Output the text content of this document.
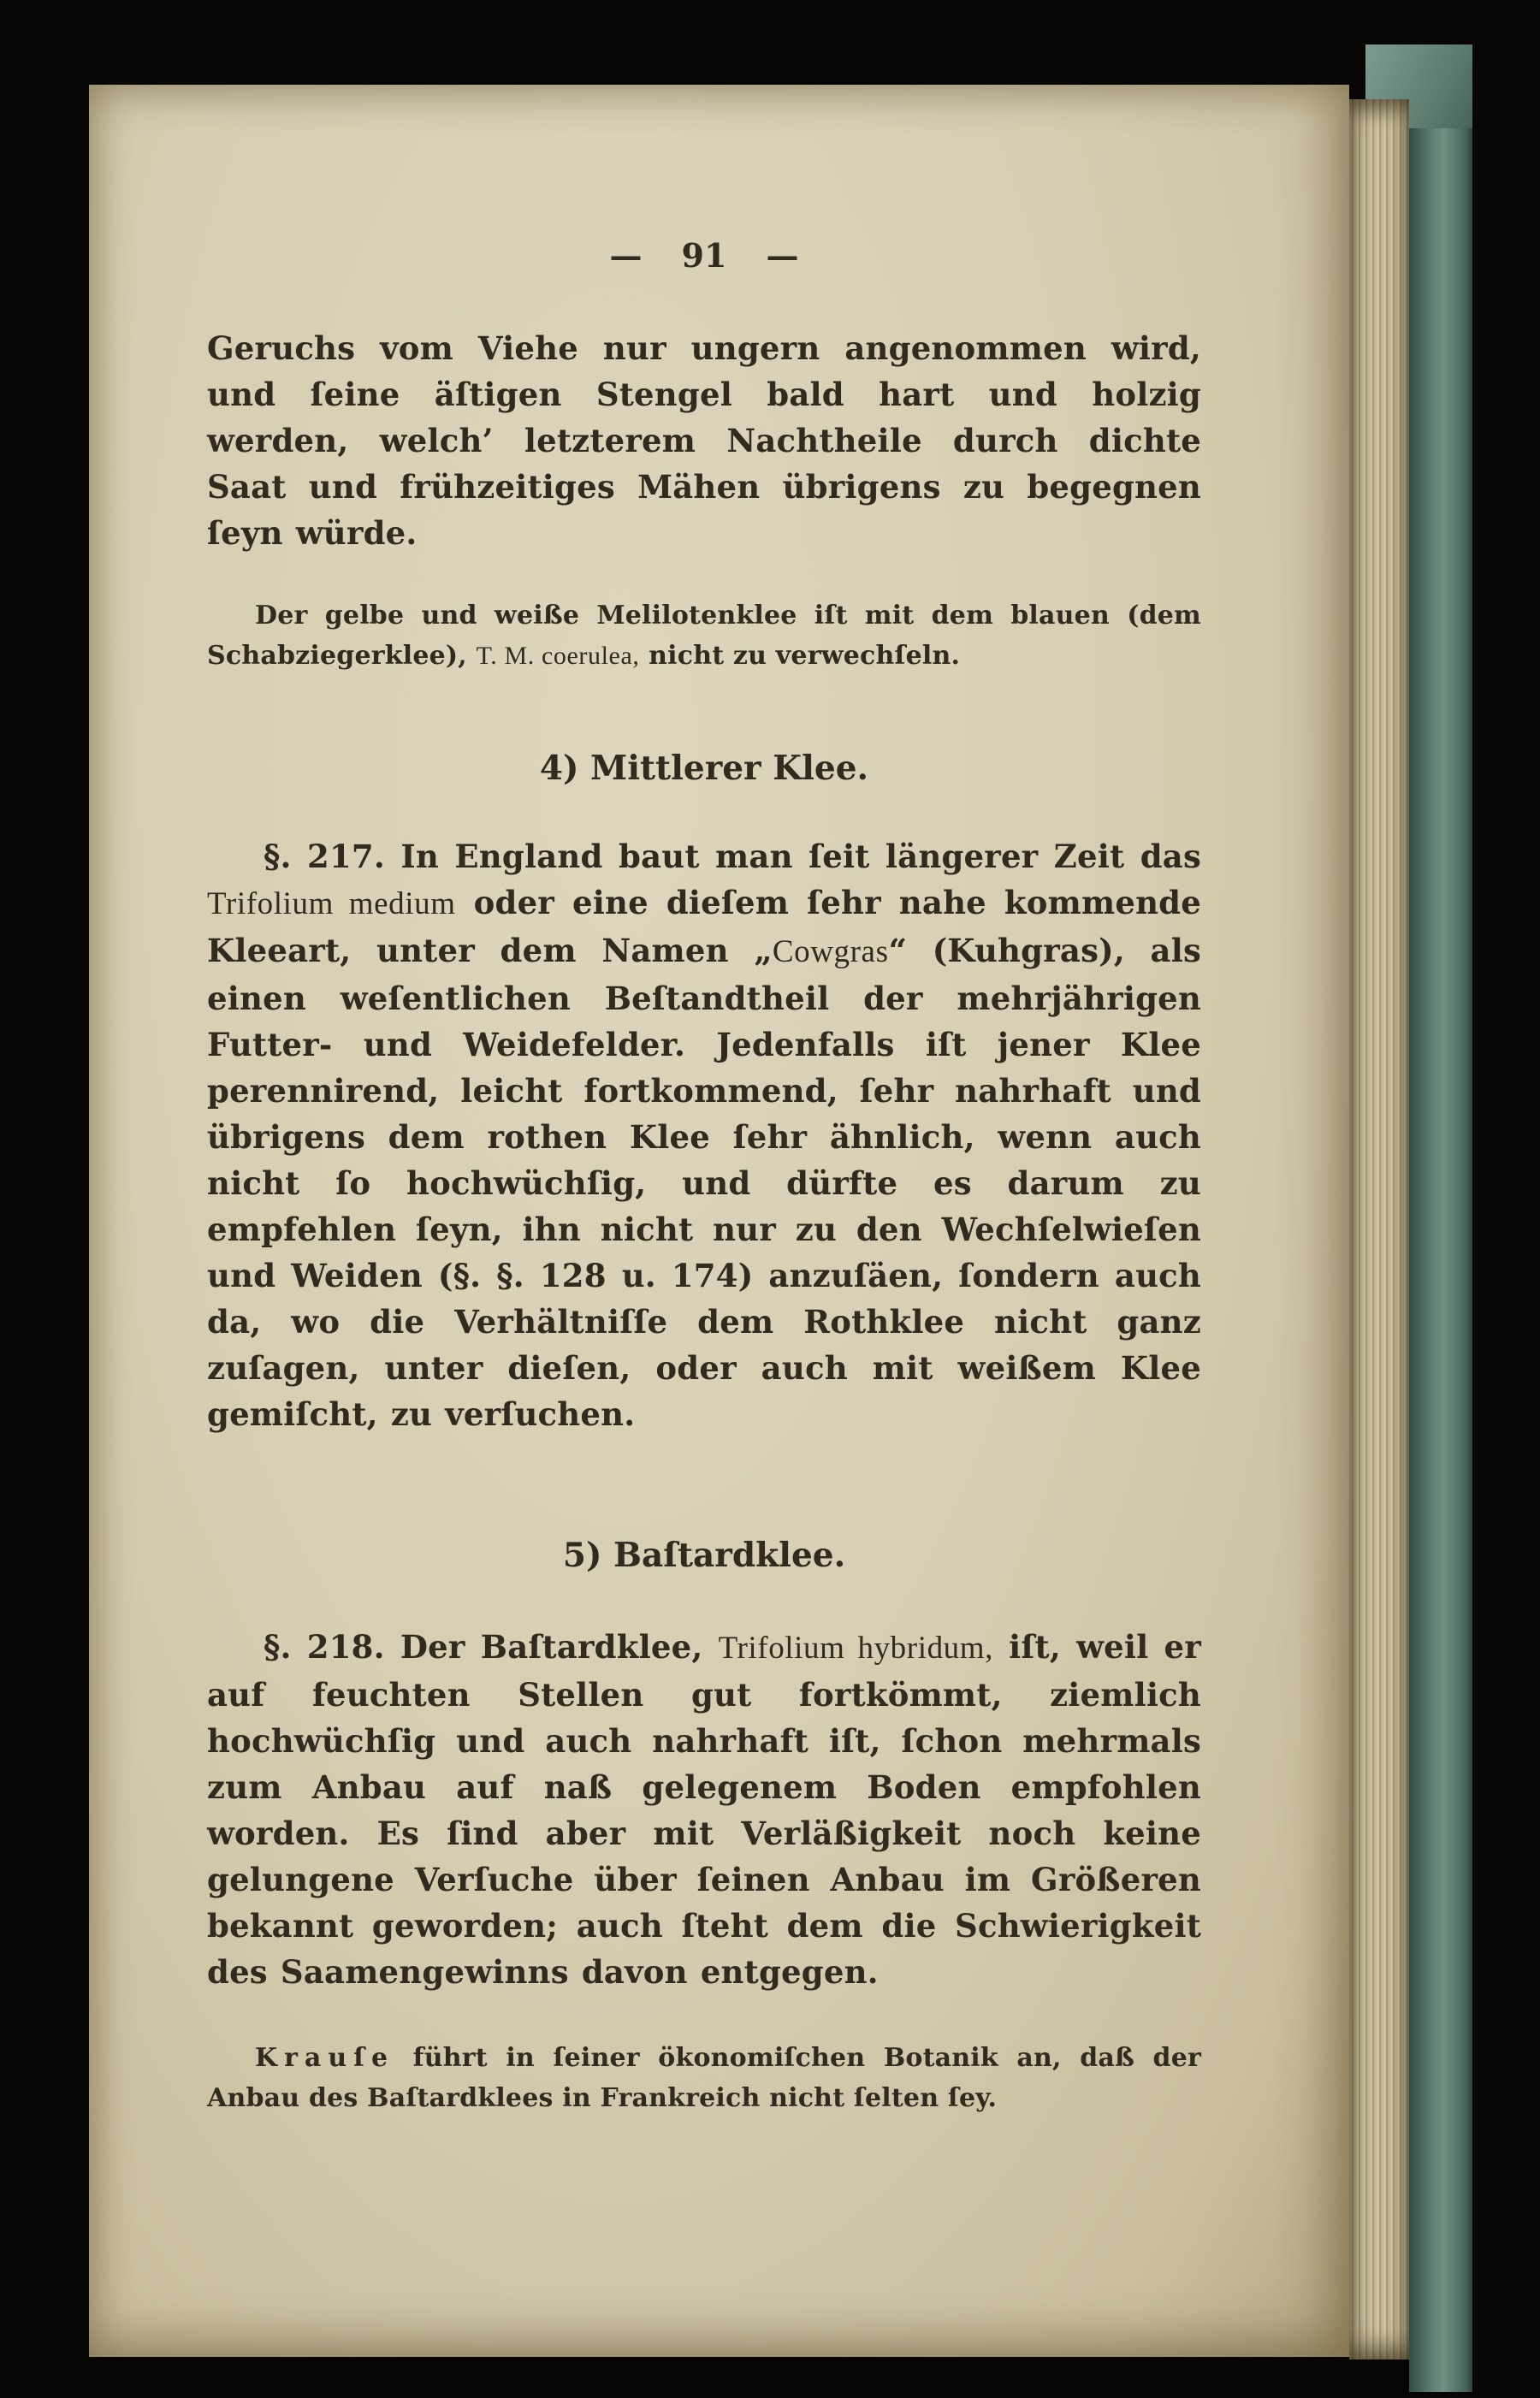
— 91 —

Geruchs vom Viehe nur ungern angenommen wird, und ſeine äſtigen Stengel bald hart und holzig werden, welch’ letzterem Nachtheile durch dichte Saat und frühzeitiges Mähen übrigens zu begegnen ſeyn würde.

Der gelbe und weiße Melilotenklee iſt mit dem blauen (dem Schabziegerklee), T. M. coerulea, nicht zu verwechſeln.

4) Mittlerer Klee.

§. 217. In England baut man ſeit längerer Zeit das Trifolium medium oder eine dieſem ſehr nahe kommende Kleeart, unter dem Namen „Cowgras“ (Kuhgras), als einen weſentlichen Beſtandtheil der mehrjährigen Futter- und Weidefelder. Jedenfalls iſt jener Klee perennirend, leicht fortkommend, ſehr nahrhaft und übrigens dem rothen Klee ſehr ähnlich, wenn auch nicht ſo hochwüchſig, und dürfte es darum zu empfehlen ſeyn, ihn nicht nur zu den Wechſelwieſen und Weiden (§. §. 128 u. 174) anzuſäen, ſondern auch da, wo die Verhältniſſe dem Rothklee nicht ganz zuſagen, unter dieſen, oder auch mit weißem Klee gemiſcht, zu verſuchen.

5) Baſtardklee.

§. 218. Der Baſtardklee, Trifolium hybridum, iſt, weil er auf feuchten Stellen gut fortkömmt, ziemlich hochwüchſig und auch nahrhaft iſt, ſchon mehrmals zum Anbau auf naß gelegenem Boden empfohlen worden. Es ſind aber mit Verläßigkeit noch keine gelungene Verſuche über ſeinen Anbau im Größeren bekannt geworden; auch ſteht dem die Schwierigkeit des Saamengewinns davon entgegen.

Krauſe führt in ſeiner ökonomiſchen Botanik an, daß der Anbau des Baſtardklees in Frankreich nicht ſelten ſey.
